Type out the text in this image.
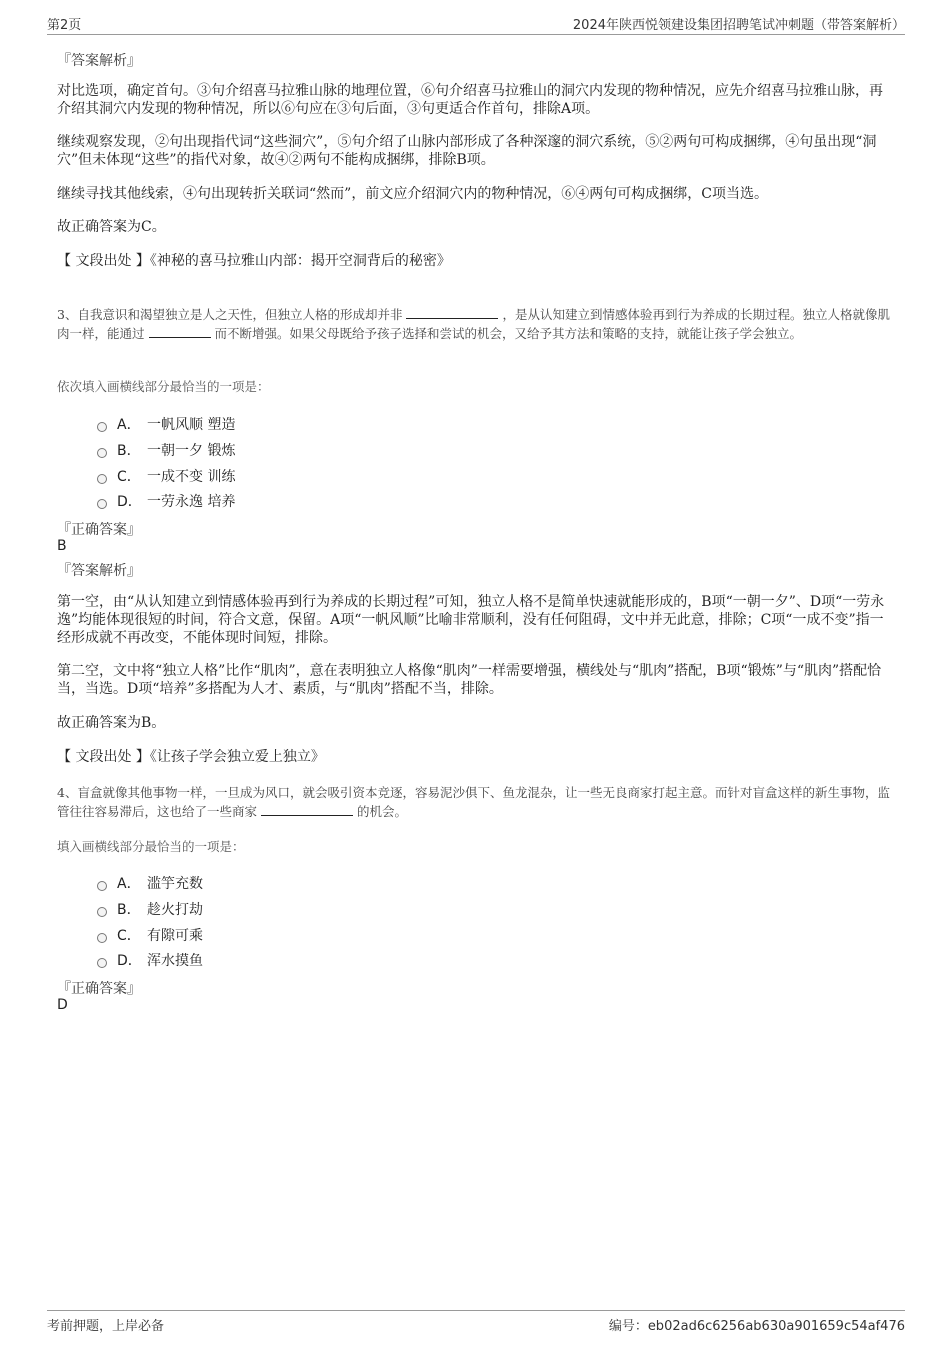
第2页	2024年陕西悦领建设集团招聘笔试冲刺题（带答案解析）
『答案解析』
对比选项，确定首句。③句介绍喜马拉雅山脉的地理位置，⑥句介绍喜马拉雅山的洞穴内发现的物种情况，应先介绍喜马拉雅山脉，再介绍其洞穴内发现的物种情况，所以⑥句应在③句后面，③句更适合作首句，排除A项。
继续观察发现，②句出现指代词“这些洞穴”，⑤句介绍了山脉内部形成了各种深邃的洞穴系统，⑤②两句可构成捆绑，④句虽出现“洞穴”但未体现“这些”的指代对象，故④②两句不能构成捆绑，排除B项。
继续寻找其他线索，④句出现转折关联词“然而”，前文应介绍洞穴内的物种情况，⑥④两句可构成捆绑，C项当选。
故正确答案为C。
【 文段出处 】《神秘的喜马拉雅山内部：揭开空洞背后的秘密》
3、自我意识和渴望独立是人之天性，但独立人格的形成却并非	，是从认知建立到情感体验再到行为养成的长期过程。独立人格就像肌肉一样，能通过	而不断增强。如果父母既给予孩子选择和尝试的机会，又给予其方法和策略的支持，就能让孩子学会独立。
依次填入画横线部分最恰当的一项是：
A． 一帆风顺 塑造
B． 一朝一夕 锻炼
C． 一成不变 训练
D． 一劳永逸 培养
『正确答案』
B
『答案解析』
第一空，由“从认知建立到情感体验再到行为养成的长期过程”可知，独立人格不是简单快速就能形成的，B项“一朝一夕”、D项“一劳永逸”均能体现很短的时间，符合文意，保留。A项“一帆风顺”比喻非常顺利，没有任何阻碍，文中并无此意，排除；C项“一成不变”指一经形成就不再改变，不能体现时间短，排除。
第二空，文中将“独立人格”比作“肌肉”，意在表明独立人格像“肌肉”一样需要增强，横线处与“肌肉”搭配，B项“锻炼”与“肌肉”搭配恰当，当选。D项“培养”多搭配为人才、素质，与“肌肉”搭配不当，排除。
故正确答案为B。
【 文段出处 】《让孩子学会独立爱上独立》
4、盲盒就像其他事物一样，一旦成为风口，就会吸引资本竞逐，容易泥沙俱下、鱼龙混杂，让一些无良商家打起主意。而针对盲盒这样的新生事物，监管往往容易滞后，这也给了一些商家	的机会。
填入画横线部分最恰当的一项是：
A． 滥竽充数
B． 趁火打劫
C． 有隙可乘
D． 浑水摸鱼
『正确答案』
D
考前押题，上岸必备	编号：eb02ad6c6256ab630a901659c54af476
